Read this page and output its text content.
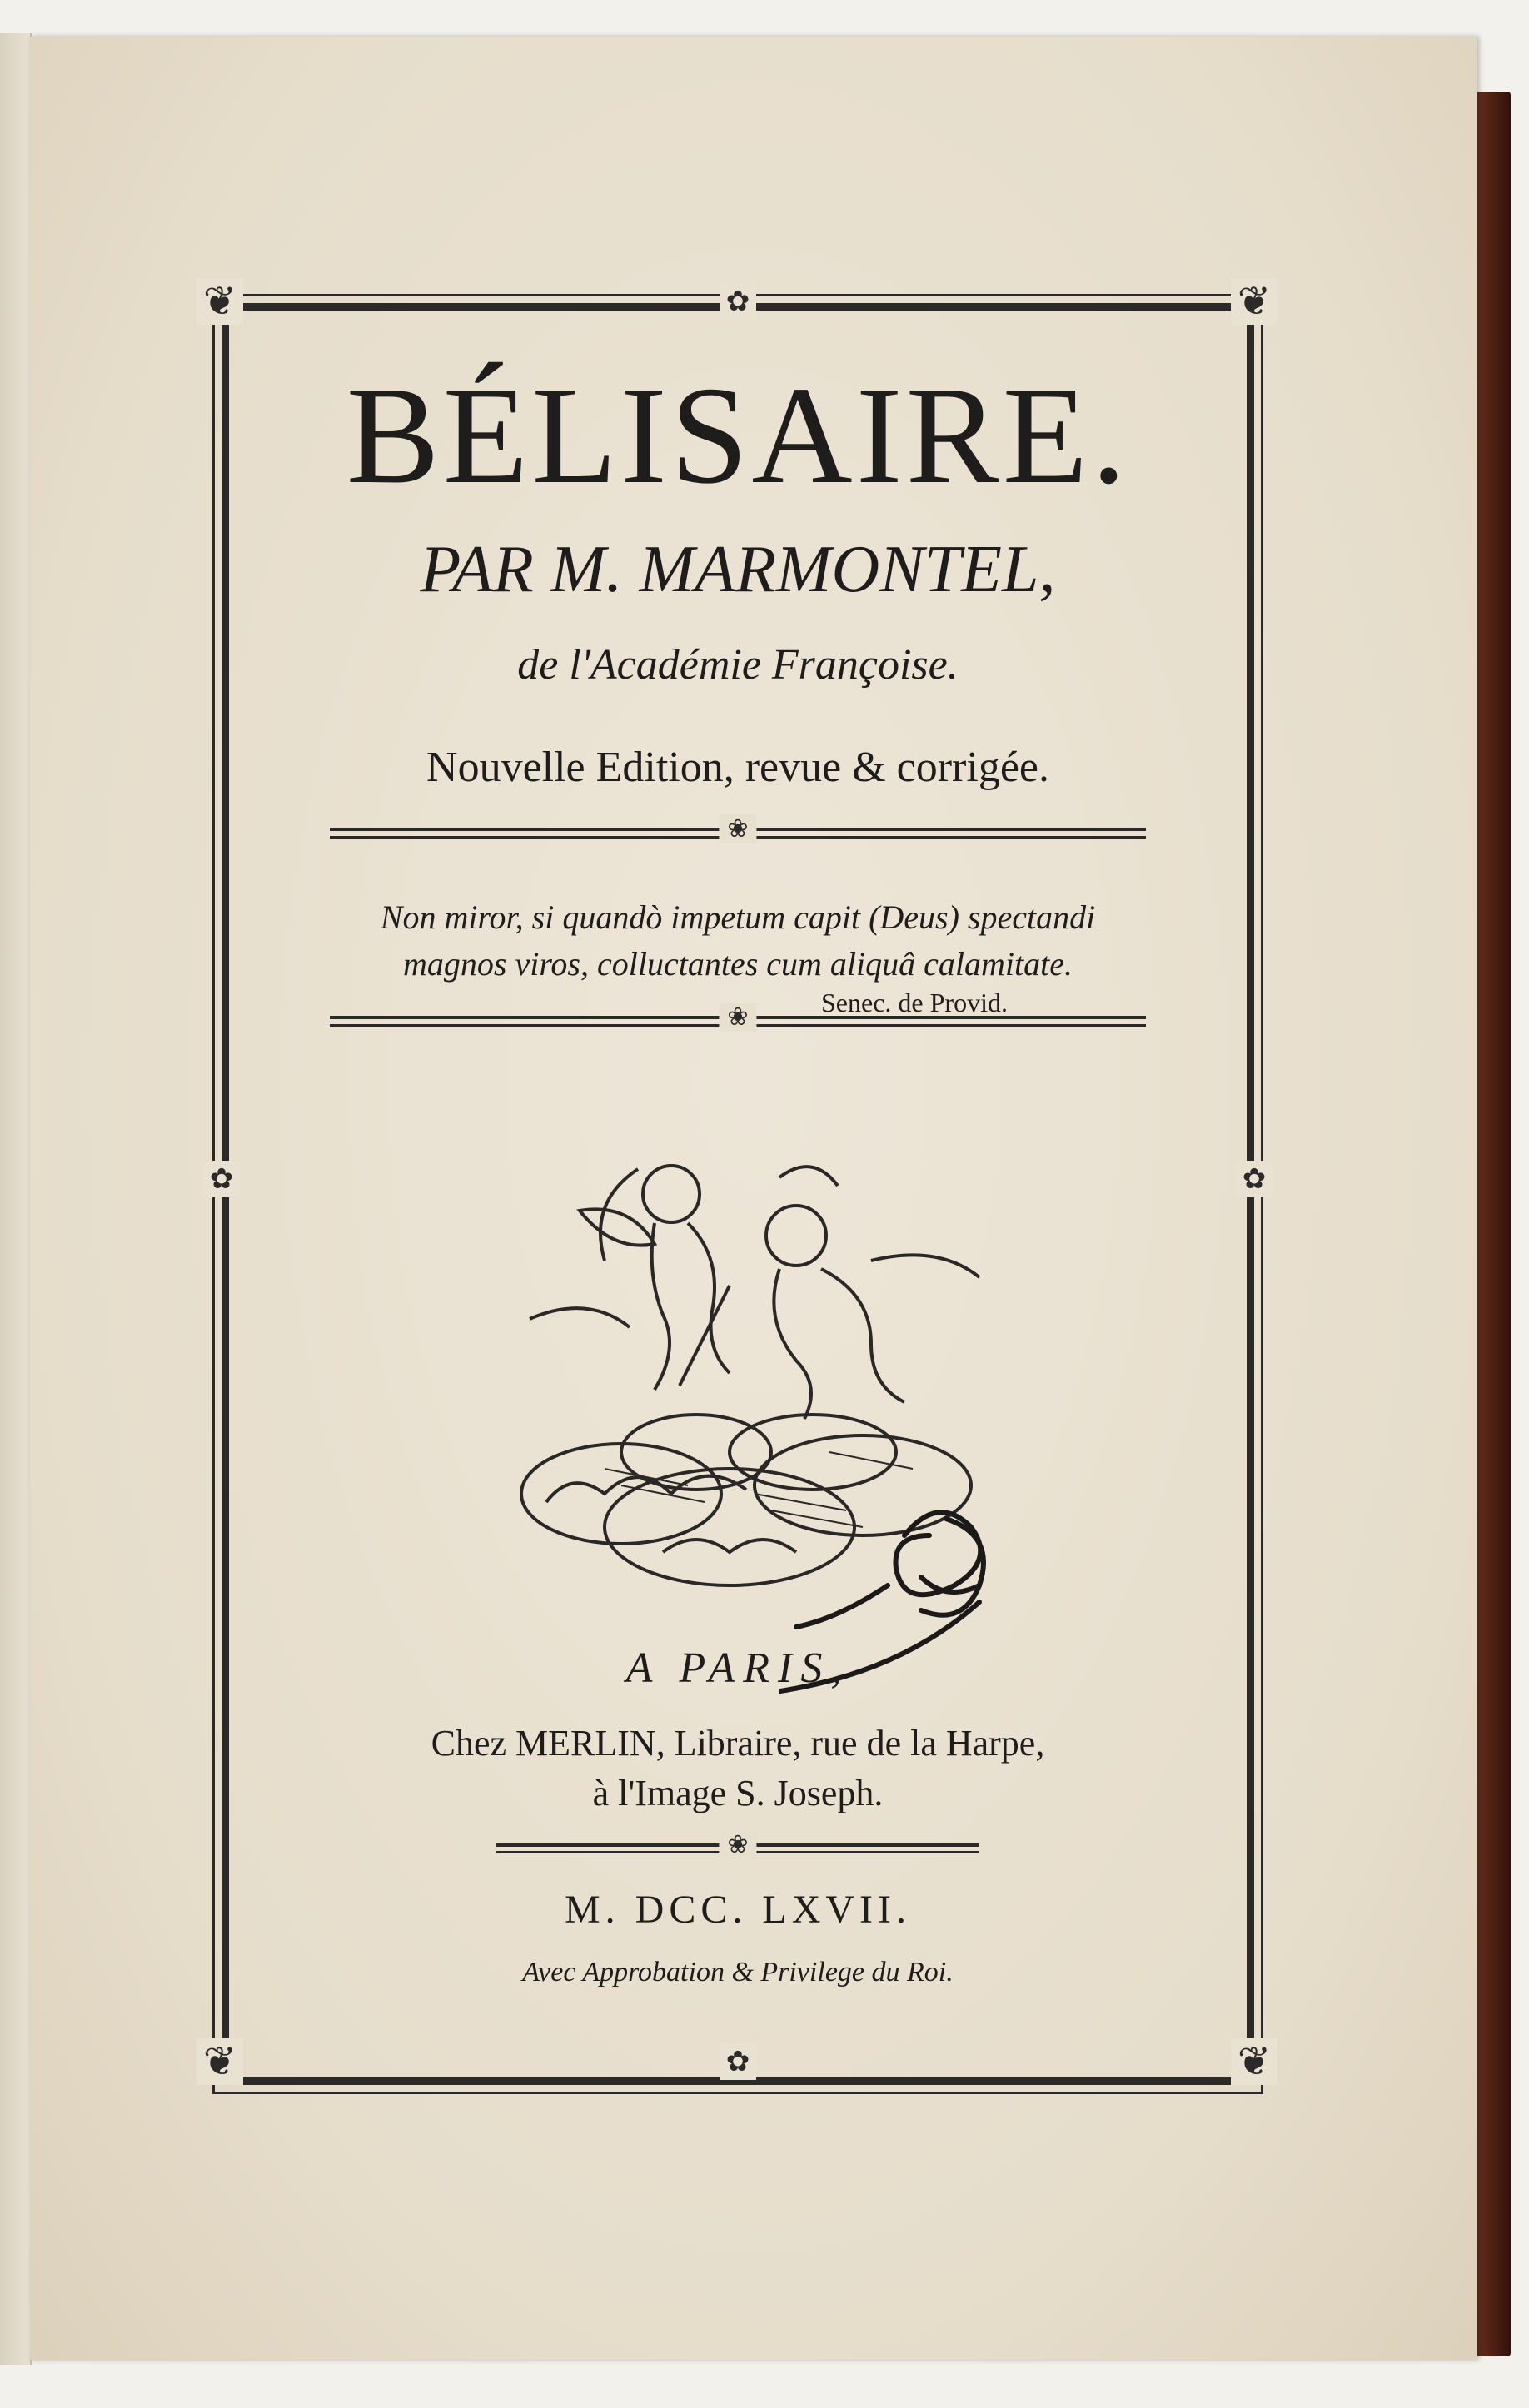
❦	❦
❦	❦
✿
✿
✿	✿
BÉLISAIRE.
PAR M. MARMONTEL,
de l'Académie Françoise.
Nouvelle Edition, revue & corrigée.
❀
Non miror, si quandò impetum capit (Deus) spectandi
magnos viros, colluctantes cum aliquâ calamitate.
Senec. de Provid.
❀
A PARIS,
Chez MERLIN, Libraire, rue de la Harpe,
à l'Image S. Joseph.
❀
M. DCC. LXVII.
Avec Approbation & Privilege du Roi.
